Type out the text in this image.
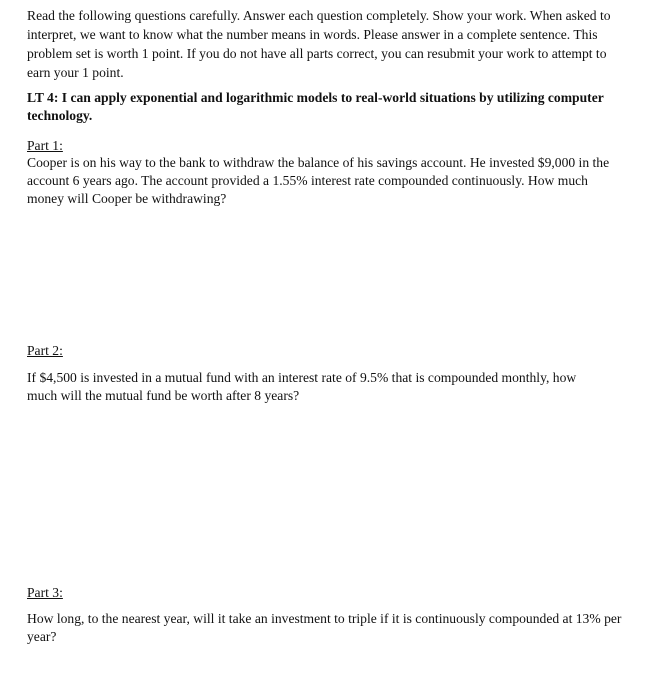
Read the following questions carefully. Answer each question completely. Show your work. When asked to interpret, we want to know what the number means in words. Please answer in a complete sentence. This problem set is worth 1 point. If you do not have all parts correct, you can resubmit your work to attempt to earn your 1 point.

LT 4: I can apply exponential and logarithmic models to real-world situations by utilizing computer technology.

Part 1:

Cooper is on his way to the bank to withdraw the balance of his savings account. He invested $9,000 in the account 6 years ago. The account provided a 1.55% interest rate compounded continuously. How much money will Cooper be withdrawing?

Part 2:

If $4,500 is invested in a mutual fund with an interest rate of 9.5% that is compounded monthly, how much will the mutual fund be worth after 8 years?

Part 3:

How long, to the nearest year, will it take an investment to triple if it is continuously compounded at 13% per year?
